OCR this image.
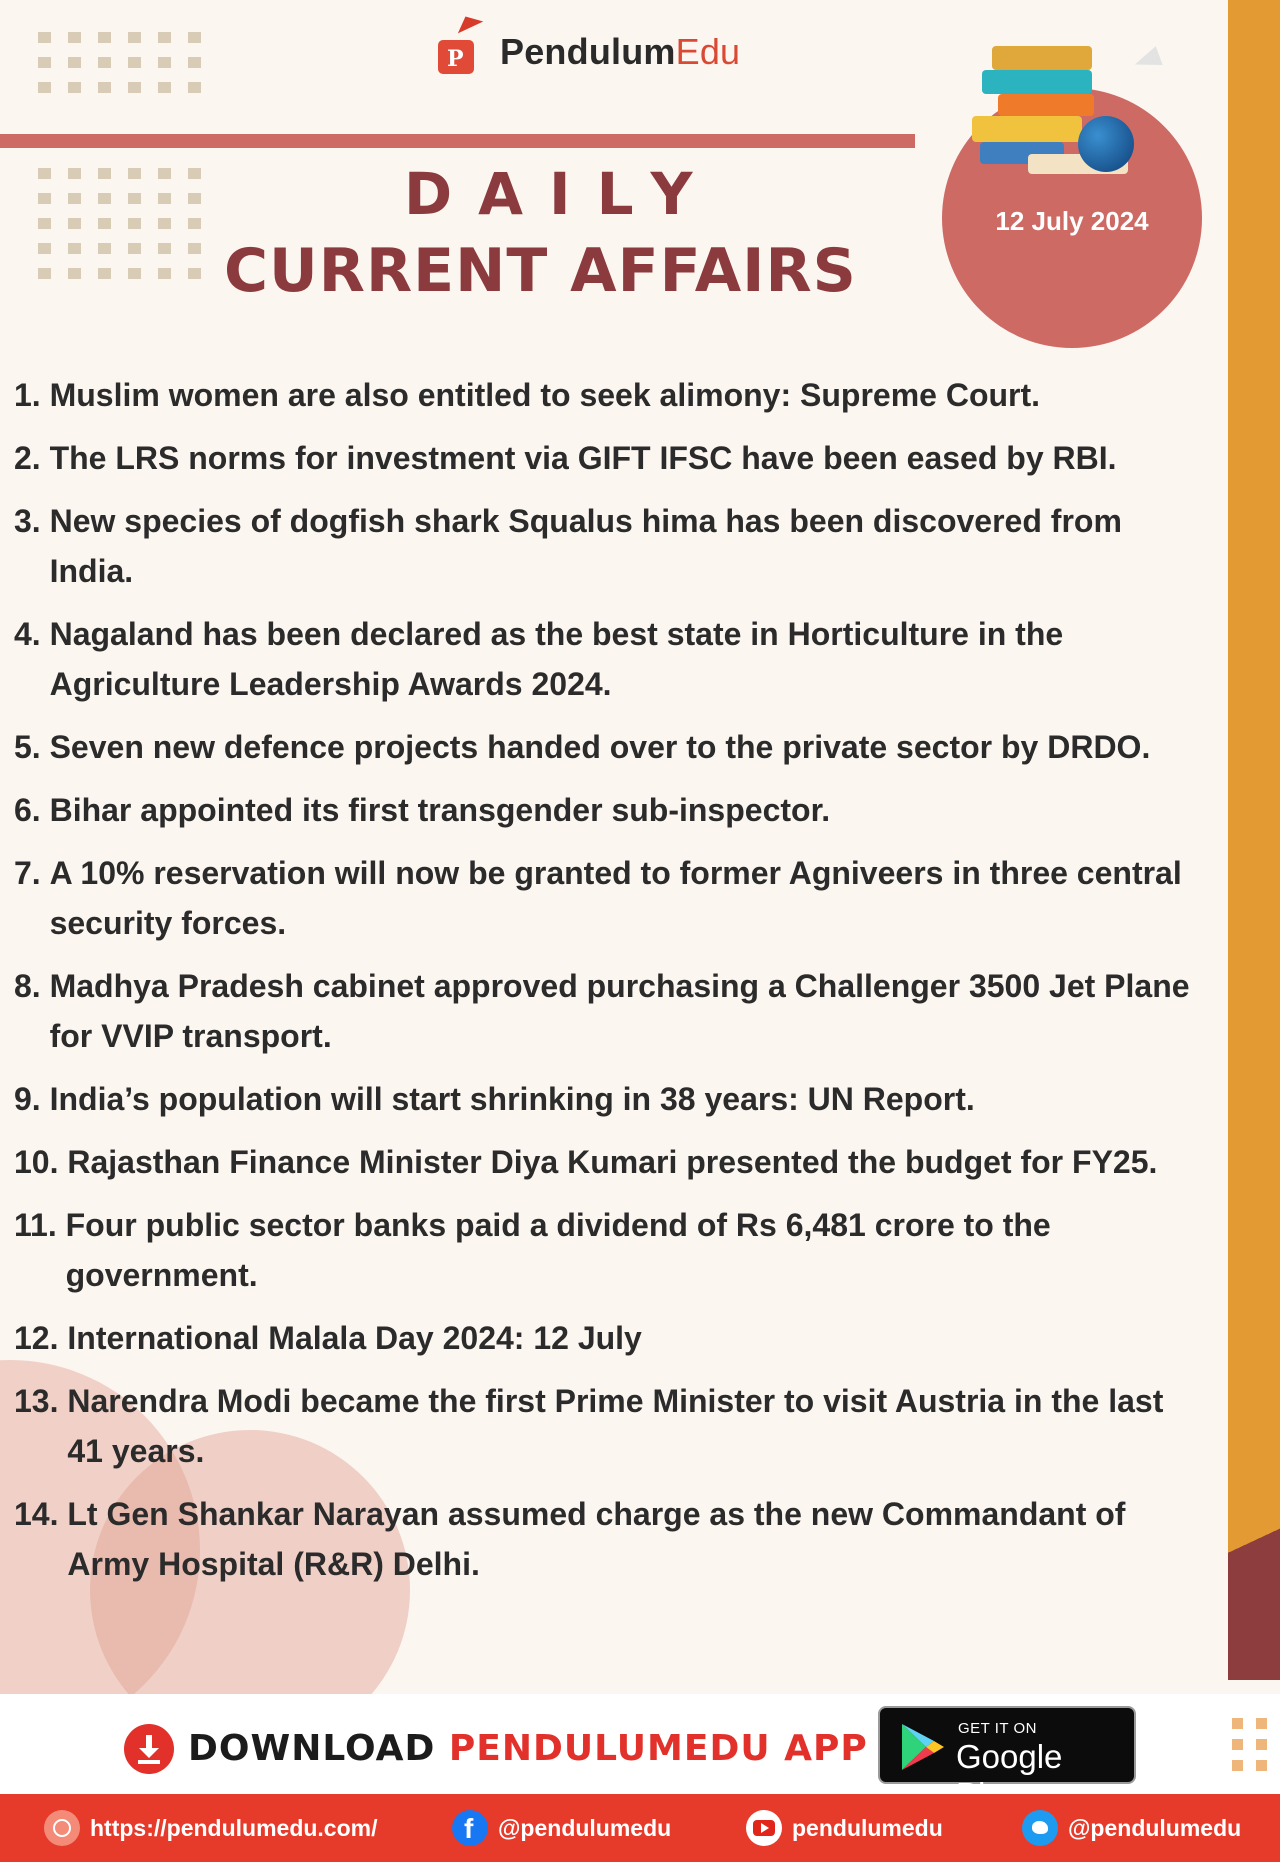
P PendulumEdu
DAILY
CURRENT AFFAIRS
12 July 2024
1. Muslim women are also entitled to seek alimony: Supreme Court.
2. The LRS norms for investment via GIFT IFSC have been eased by RBI.
3. New species of dogfish shark Squalus hima has been discovered from India.
4. Nagaland has been declared as the best state in Horticulture in the Agriculture Leadership Awards 2024.
5. Seven new defence projects handed over to the private sector by DRDO.
6. Bihar appointed its first transgender sub-inspector.
7. A 10% reservation will now be granted to former Agniveers in three central security forces.
8. Madhya Pradesh cabinet approved purchasing a Challenger 3500 Jet Plane for VVIP transport.
9. India’s population will start shrinking in 38 years: UN Report.
10. Rajasthan Finance Minister Diya Kumari presented the budget for FY25.
11. Four public sector banks paid a dividend of Rs 6,481 crore to the government.
12. International Malala Day 2024: 12 July
13. Narendra Modi became the first Prime Minister to visit Austria in the last 41 years.
14. Lt Gen Shankar Narayan assumed charge as the new Commandant of Army Hospital (R&R) Delhi.
DOWNLOAD PENDULUMEDU APP	GET IT ON
Google
https://pendulumedu.com/	f @pendulumedu	pendulumedu	@pendulumedu
